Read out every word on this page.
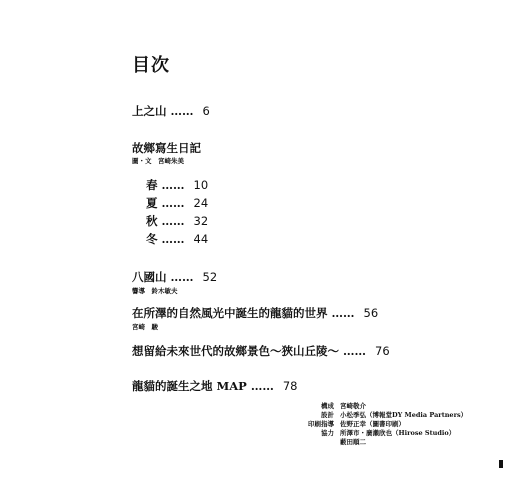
目次
上之山 …… 6
故鄉寫生日記
圖・文　宮崎朱美
春 …… 10
夏 …… 24
秋 …… 32
冬 …… 44
八國山 …… 52
響導　鈴木敏夫
在所澤的自然風光中誕生的龍貓的世界 …… 56
宮崎　駿
想留給未來世代的故鄉景色～狹山丘陵～ …… 76
龍貓的誕生之地 MAP …… 78
構成 宮崎敬介
設計 小松季弘（博報堂DY Media Partners）
印刷指導 佐野正幸（圖書印刷）
協力 所澤市・廣瀨欣也（Hirose Studio）
藪田順二
